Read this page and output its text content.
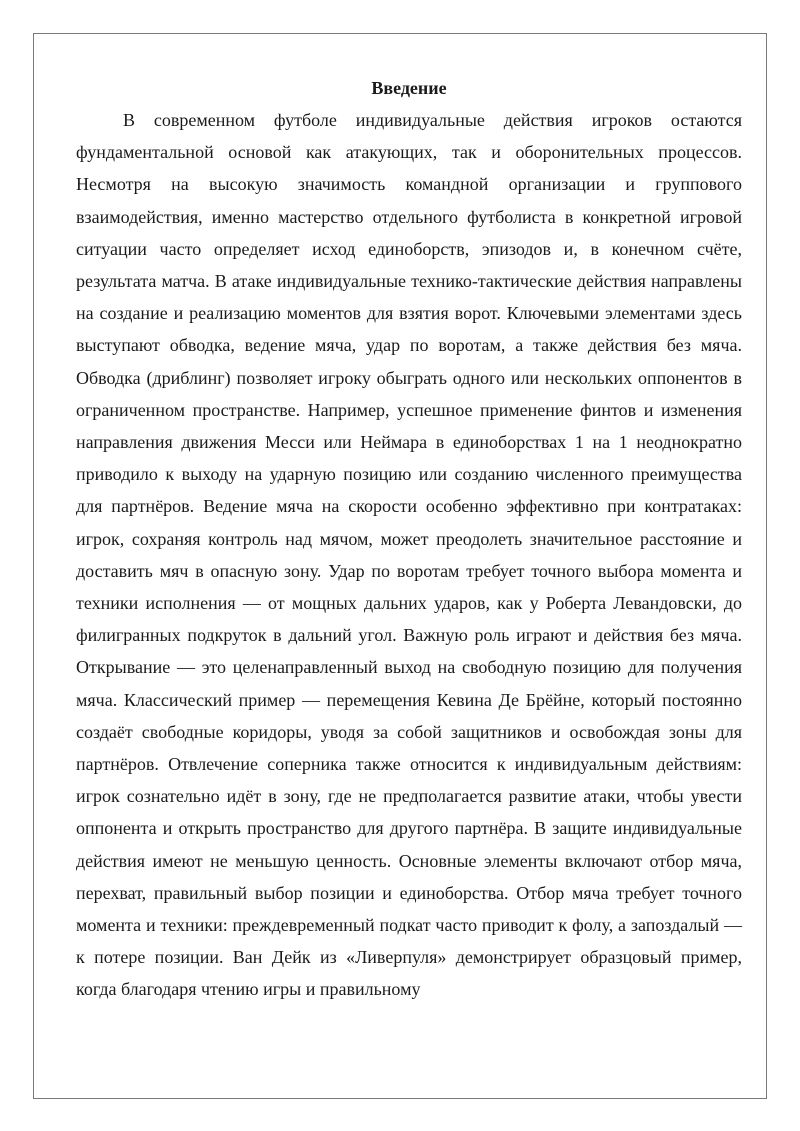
Введение

В современном футболе индивидуальные действия игроков остаются фундаментальной основой как атакующих, так и оборонительных процессов. Несмотря на высокую значимость командной организации и группового взаимодействия, именно мастерство отдельного футболиста в конкретной игровой ситуации часто определяет исход единоборств, эпизодов и, в конечном счёте, результата матча. В атаке индивидуальные технико-тактические действия направлены на создание и реализацию моментов для взятия ворот. Ключевыми элементами здесь выступают обводка, ведение мяча, удар по воротам, а также действия без мяча. Обводка (дриблинг) позволяет игроку обыграть одного или нескольких оппонентов в ограниченном пространстве. Например, успешное применение финтов и изменения направления движения Месси или Неймара в единоборствах 1 на 1 неоднократно приводило к выходу на ударную позицию или созданию численного преимущества для партнёров. Ведение мяча на скорости особенно эффективно при контратаках: игрок, сохраняя контроль над мячом, может преодолеть значительное расстояние и доставить мяч в опасную зону. Удар по воротам требует точного выбора момента и техники исполнения — от мощных дальних ударов, как у Роберта Левандовски, до филигранных подкруток в дальний угол. Важную роль играют и действия без мяча. Открывание — это целенаправленный выход на свободную позицию для получения мяча. Классический пример — перемещения Кевина Де Брёйне, который постоянно создаёт свободные коридоры, уводя за собой защитников и освобождая зоны для партнёров. Отвлечение соперника также относится к индивидуальным действиям: игрок сознательно идёт в зону, где не предполагается развитие атаки, чтобы увести оппонента и открыть пространство для другого партнёра. В защите индивидуальные действия имеют не меньшую ценность. Основные элементы включают отбор мяча, перехват, правильный выбор позиции и единоборства. Отбор мяча требует точного момента и техники: преждевременный подкат часто приводит к фолу, а запоздалый — к потере позиции. Ван Дейк из «Ливерпуля» демонстрирует образцовый пример, когда благодаря чтению игры и правильному
